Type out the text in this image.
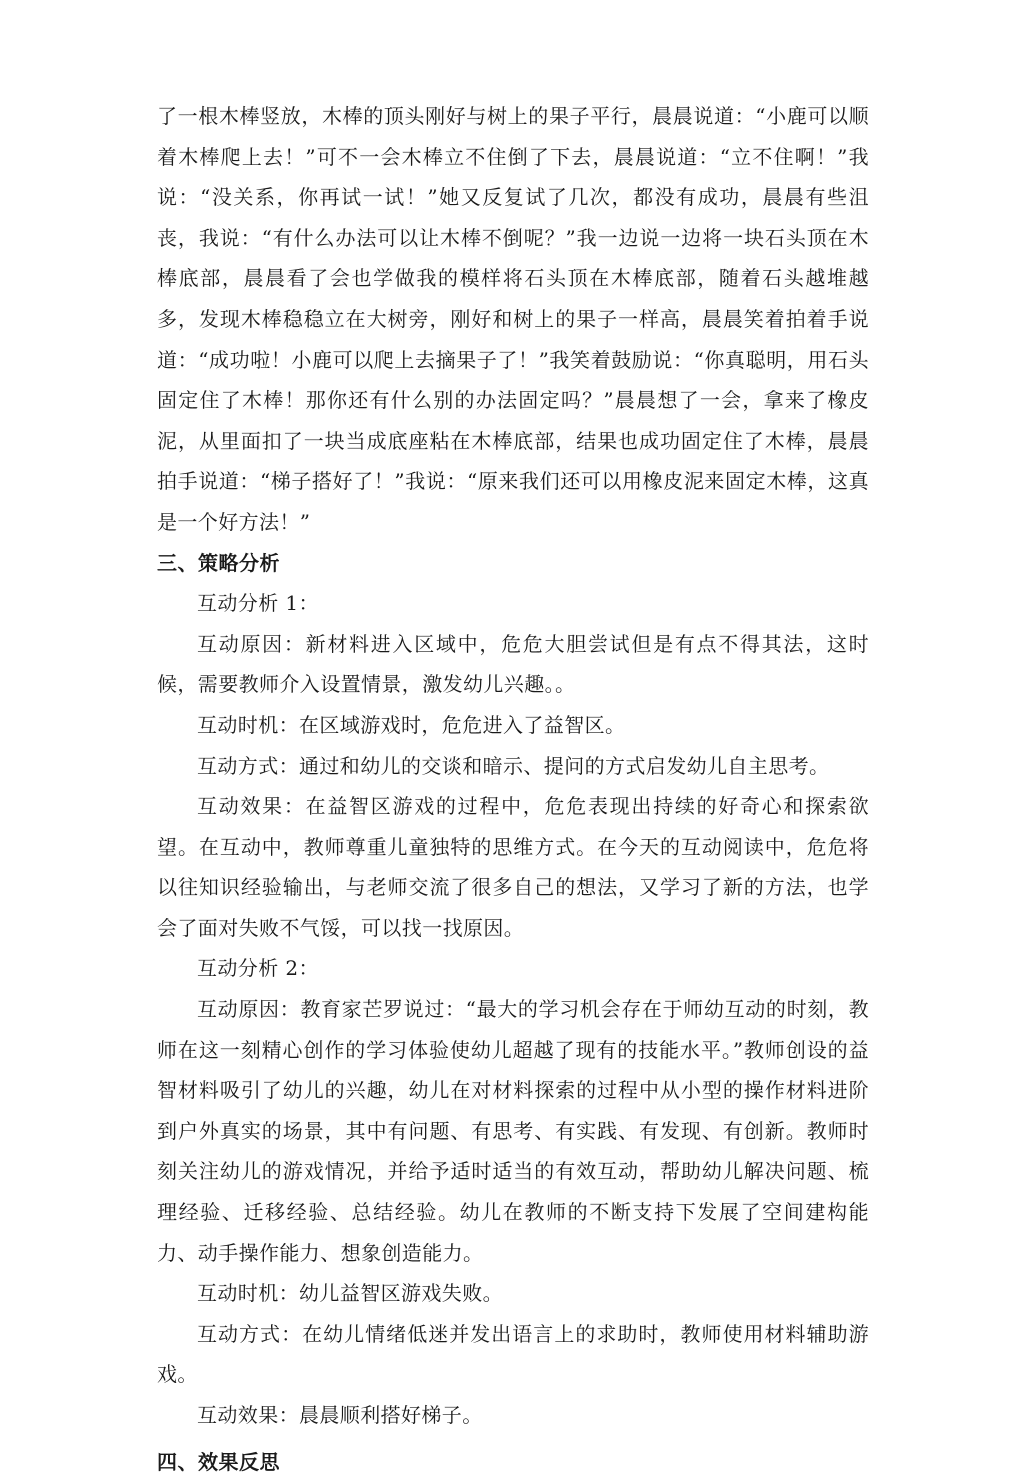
了一根木棒竖放，木棒的顶头刚好与树上的果子平行，晨晨说道：“小鹿可以顺着木棒爬上去！”可不一会木棒立不住倒了下去，晨晨说道：“立不住啊！”我说：“没关系，你再试一试！”她又反复试了几次，都没有成功，晨晨有些沮丧，我说：“有什么办法可以让木棒不倒呢？”我一边说一边将一块石头顶在木棒底部，晨晨看了会也学做我的模样将石头顶在木棒底部，随着石头越堆越多，发现木棒稳稳立在大树旁，刚好和树上的果子一样高，晨晨笑着拍着手说道：“成功啦！小鹿可以爬上去摘果子了！”我笑着鼓励说：“你真聪明，用石头固定住了木棒！那你还有什么别的办法固定吗？”晨晨想了一会，拿来了橡皮泥，从里面扣了一块当成底座粘在木棒底部，结果也成功固定住了木棒，晨晨拍手说道：“梯子搭好了！”我说：“原来我们还可以用橡皮泥来固定木棒，这真是一个好方法！”

三、策略分析

互动分析 1：

互动原因：新材料进入区域中，危危大胆尝试但是有点不得其法，这时候，需要教师介入设置情景，激发幼儿兴趣。。

互动时机：在区域游戏时，危危进入了益智区。

互动方式：通过和幼儿的交谈和暗示、提问的方式启发幼儿自主思考。

互动效果：在益智区游戏的过程中，危危表现出持续的好奇心和探索欲望。在互动中，教师尊重儿童独特的思维方式。在今天的互动阅读中，危危将以往知识经验输出，与老师交流了很多自己的想法，又学习了新的方法，也学会了面对失败不气馁，可以找一找原因。

互动分析 2：

互动原因：教育家芒罗说过：“最大的学习机会存在于师幼互动的时刻，教师在这一刻精心创作的学习体验使幼儿超越了现有的技能水平。”教师创设的益智材料吸引了幼儿的兴趣，幼儿在对材料探索的过程中从小型的操作材料进阶到户外真实的场景，其中有问题、有思考、有实践、有发现、有创新。教师时刻关注幼儿的游戏情况，并给予适时适当的有效互动，帮助幼儿解决问题、梳理经验、迁移经验、总结经验。幼儿在教师的不断支持下发展了空间建构能力、动手操作能力、想象创造能力。

互动时机：幼儿益智区游戏失败。

互动方式：在幼儿情绪低迷并发出语言上的求助时，教师使用材料辅助游戏。

互动效果：晨晨顺利搭好梯子。

四、效果反思
